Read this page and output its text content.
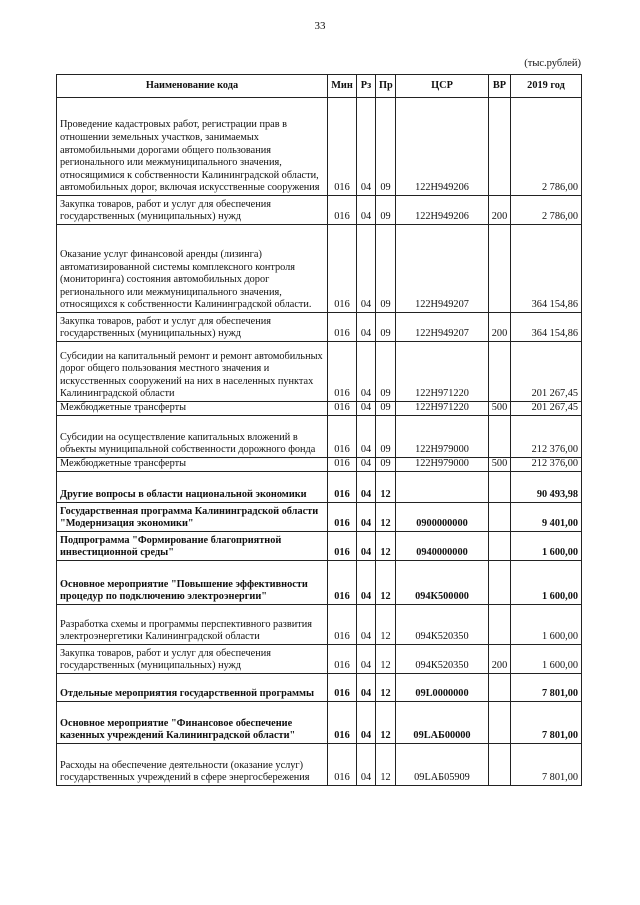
33
(тыс.рублей)
Наименование кода	Мин	Рз	Пр	ЦСР	ВР	2019 год
Проведение кадастровых работ, регистрации прав в отношении земельных участков, занимаемых автомобильными дорогами общего пользования регионального или межмуниципального значения, относящимися к собственности Калининградской области, автомобильных дорог, включая искусственные сооружения	016	04	09	122Н949206		2 786,00
Закупка товаров, работ и услуг для обеспечения государственных (муниципальных) нужд	016	04	09	122Н949206	200	2 786,00
Оказание услуг финансовой аренды (лизинга) автоматизированной системы комплексного контроля (мониторинга) состояния автомобильных дорог регионального или межмуниципального значения, относящихся к собственности Калининградской области.	016	04	09	122Н949207		364 154,86
Закупка товаров, работ и услуг для обеспечения государственных (муниципальных) нужд	016	04	09	122Н949207	200	364 154,86
Субсидии на капитальный ремонт и ремонт автомобильных дорог общего пользования местного значения и искусственных сооружений на них в населенных пунктах Калининградской области	016	04	09	122Н971220		201 267,45
Межбюджетные трансферты	016	04	09	122Н971220	500	201 267,45
Субсидии на осуществление капитальных вложений в объекты муниципальной собственности дорожного фонда	016	04	09	122Н979000		212 376,00
Межбюджетные трансферты	016	04	09	122Н979000	500	212 376,00
Другие вопросы в области национальной экономики	016	04	12			90 493,98
Государственная программа Калининградской области "Модернизация экономики"	016	04	12	0900000000		9 401,00
Подпрограмма "Формирование благоприятной инвестиционной среды"	016	04	12	0940000000		1 600,00
Основное мероприятие "Повышение эффективности процедур по подключению электроэнергии"	016	04	12	094К500000		1 600,00
Разработка схемы и программы перспективного развития электроэнергетики Калининградской области	016	04	12	094К520350		1 600,00
Закупка товаров, работ и услуг для обеспечения государственных (муниципальных) нужд	016	04	12	094К520350	200	1 600,00
Отдельные мероприятия государственной программы	016	04	12	09L0000000		7 801,00
Основное мероприятие "Финансовое обеспечение казенных учреждений Калининградской области"	016	04	12	09LАБ00000		7 801,00
Расходы на обеспечение деятельности (оказание услуг) государственных учреждений в сфере энергосбережения	016	04	12	09LАБ05909		7 801,00
